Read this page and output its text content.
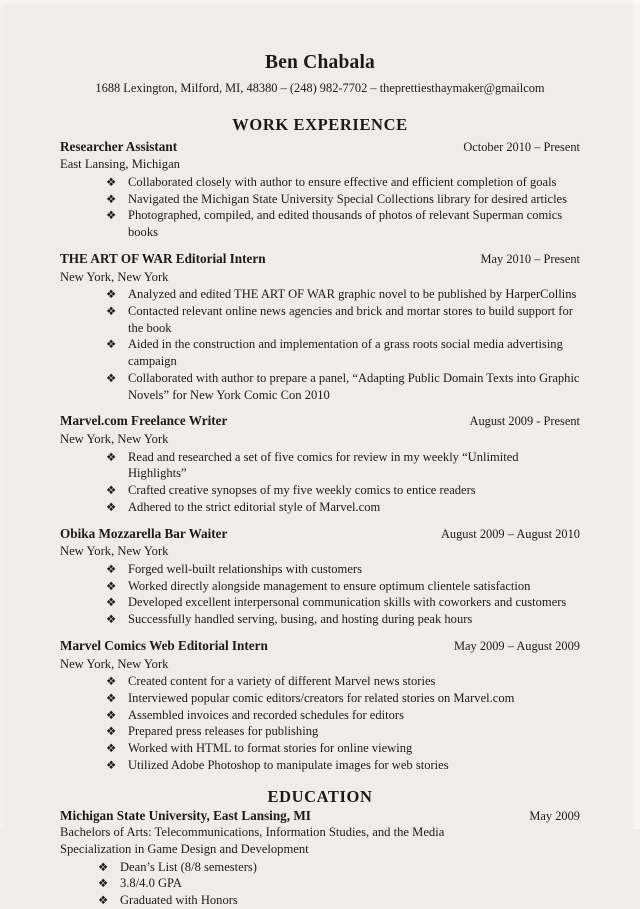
Ben Chabala
1688 Lexington, Milford, MI, 48380 – (248) 982-7702 – theprettiesthaymaker@gmailcom
WORK EXPERIENCE
Researcher Assistant	October 2010 – Present
East Lansing, Michigan
❖ Collaborated closely with author to ensure effective and efficient completion of goals
❖ Navigated the Michigan State University Special Collections library for desired articles
❖ Photographed, compiled, and edited thousands of photos of relevant Superman comics books
THE ART OF WAR Editorial Intern	May 2010 – Present
New York, New York
❖ Analyzed and edited THE ART OF WAR graphic novel to be published by HarperCollins
❖ Contacted relevant online news agencies and brick and mortar stores to build support for the book
❖ Aided in the construction and implementation of a grass roots social media advertising campaign
❖ Collaborated with author to prepare a panel, “Adapting Public Domain Texts into Graphic Novels” for New York Comic Con 2010
Marvel.com Freelance Writer	August 2009 - Present
New York, New York
❖ Read and researched a set of five comics for review in my weekly “Unlimited Highlights”
❖ Crafted creative synopses of my five weekly comics to entice readers
❖ Adhered to the strict editorial style of Marvel.com
Obika Mozzarella Bar Waiter	August 2009 – August 2010
New York, New York
❖ Forged well-built relationships with customers
❖ Worked directly alongside management to ensure optimum clientele satisfaction
❖ Developed excellent interpersonal communication skills with coworkers and customers
❖ Successfully handled serving, busing, and hosting during peak hours
Marvel Comics Web Editorial Intern	May 2009 – August 2009
New York, New York
❖ Created content for a variety of different Marvel news stories
❖ Interviewed popular comic editors/creators for related stories on Marvel.com
❖ Assembled invoices and recorded schedules for editors
❖ Prepared press releases for publishing
❖ Worked with HTML to format stories for online viewing
❖ Utilized Adobe Photoshop to manipulate images for web stories
EDUCATION
Michigan State University, East Lansing, MI	May 2009
Bachelors of Arts: Telecommunications, Information Studies, and the Media
Specialization in Game Design and Development
❖ Dean’s List (8/8 semesters)
❖ 3.8/4.0 GPA
❖ Graduated with Honors
